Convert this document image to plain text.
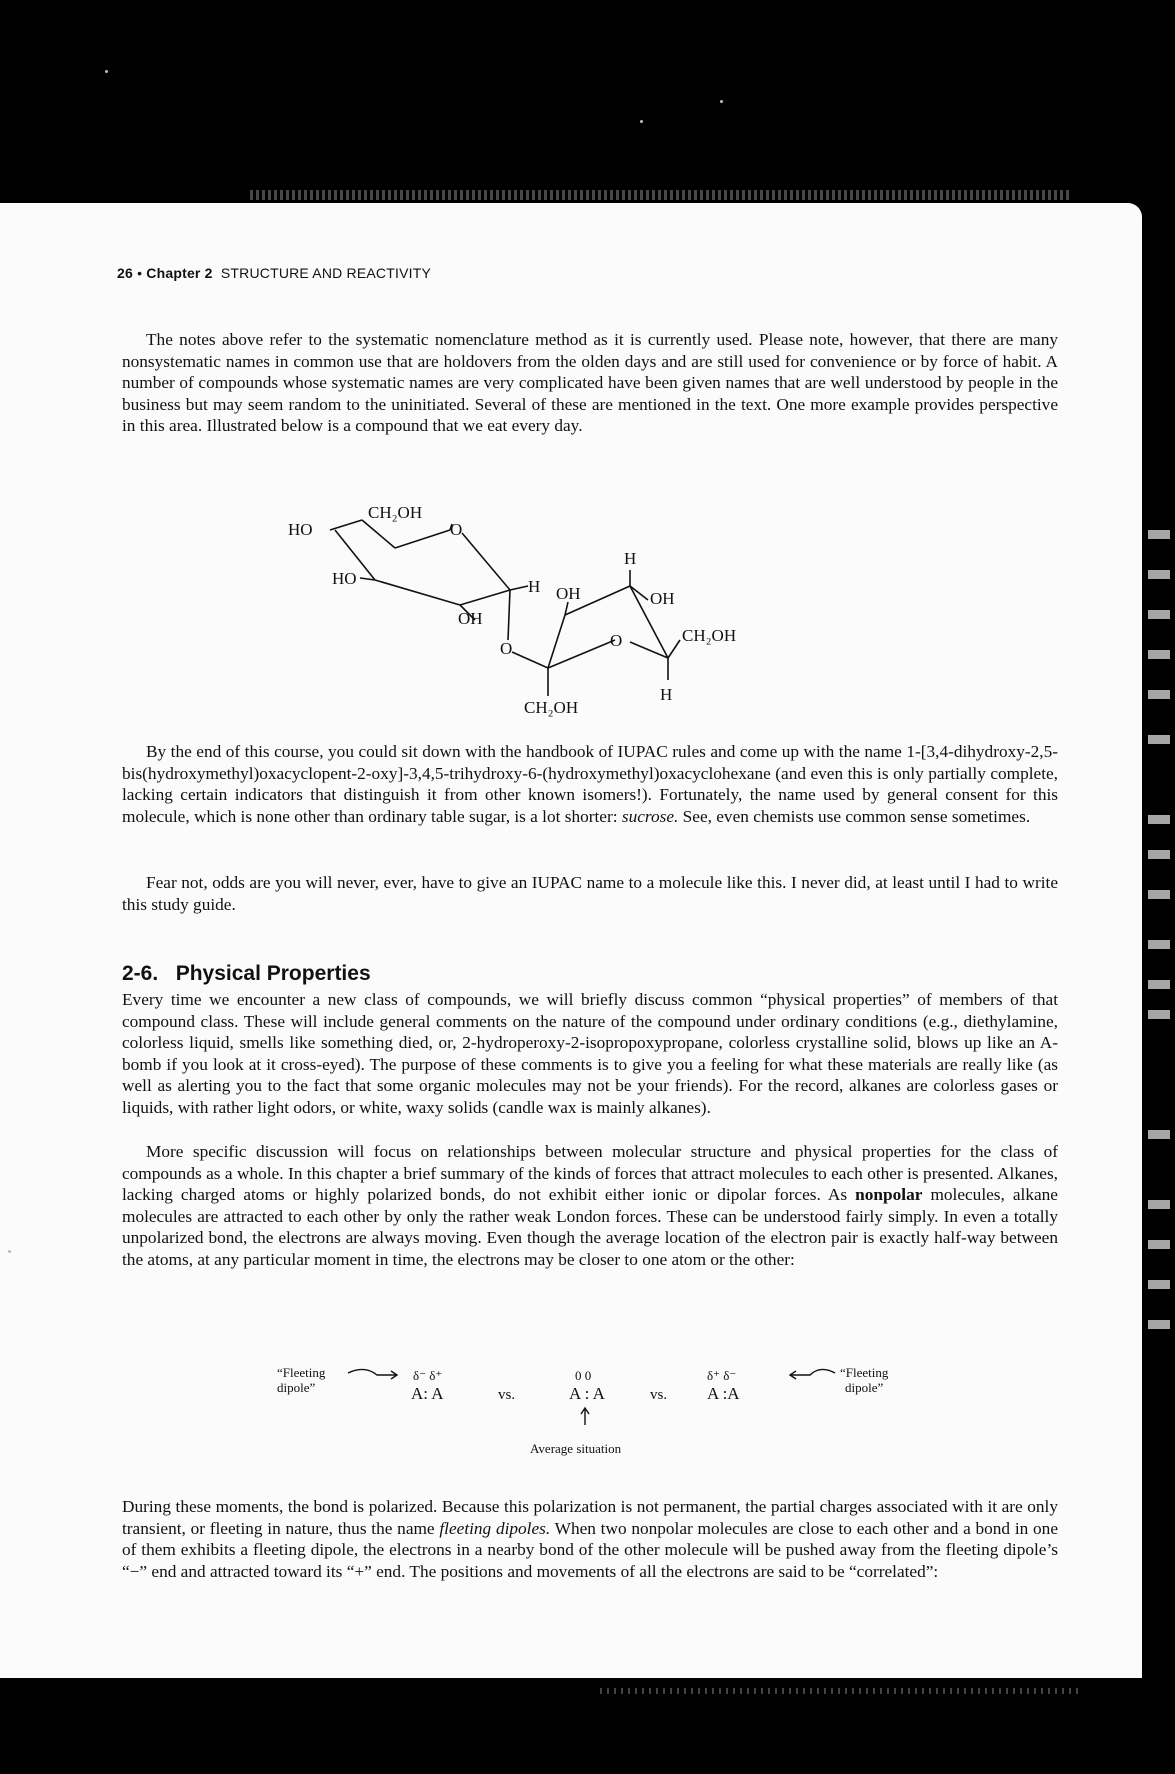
26 • Chapter 2 STRUCTURE AND REACTIVITY
The notes above refer to the systematic nomenclature method as it is currently used. Please note, however, that there are many nonsystematic names in common use that are holdovers from the olden days and are still used for convenience or by force of habit. A number of compounds whose systematic names are very complicated have been given names that are well understood by people in the business but may seem random to the uninitiated. Several of these are mentioned in the text. One more example provides perspective in this area. Illustrated below is a compound that we eat every day.
HO
CH₂OH
O
HO
OH
H
O
H
OH	OH
O	CH₂OH
CH₂OH
H
By the end of this course, you could sit down with the handbook of IUPAC rules and come up with the name 1-[3,4-dihydroxy-2,5-bis(hydroxymethyl)oxacyclopent-2-oxy]-3,4,5-trihydroxy-6-(hydroxymethyl)oxacyclohexane (and even this is only partially complete, lacking certain indicators that distinguish it from other known isomers!). Fortunately, the name used by general consent for this molecule, which is none other than ordinary table sugar, is a lot shorter: sucrose. See, even chemists use common sense sometimes.
Fear not, odds are you will never, ever, have to give an IUPAC name to a molecule like this. I never did, at least until I had to write this study guide.
2-6. Physical Properties
Every time we encounter a new class of compounds, we will briefly discuss common “physical properties” of members of that compound class. These will include general comments on the nature of the compound under ordinary conditions (e.g., diethylamine, colorless liquid, smells like something died, or, 2-hydroperoxy-2-isopropoxypropane, colorless crystalline solid, blows up like an A-bomb if you look at it cross-eyed). The purpose of these comments is to give you a feeling for what these materials are really like (as well as alerting you to the fact that some organic molecules may not be your friends). For the record, alkanes are colorless gases or liquids, with rather light odors, or white, waxy solids (candle wax is mainly alkanes).
More specific discussion will focus on relationships between molecular structure and physical properties for the class of compounds as a whole. In this chapter a brief summary of the kinds of forces that attract molecules to each other is presented. Alkanes, lacking charged atoms or highly polarized bonds, do not exhibit either ionic or dipolar forces. As nonpolar molecules, alkane molecules are attracted to each other by only the rather weak London forces. These can be understood fairly simply. In even a totally unpolarized bond, the electrons are always moving. Even though the average location of the electron pair is exactly half-way between the atoms, at any particular moment in time, the electrons may be closer to one atom or the other:
“Fleeting
dipole”
δ⁻ δ⁺
A: A	vs.
0 0
A : A
Average situation
vs.
δ⁺ δ⁻
A :A
“Fleeting
dipole”
During these moments, the bond is polarized. Because this polarization is not permanent, the partial charges associated with it are only transient, or fleeting in nature, thus the name fleeting dipoles. When two nonpolar molecules are close to each other and a bond in one of them exhibits a fleeting dipole, the electrons in a nearby bond of the other molecule will be pushed away from the fleeting dipole’s “−” end and attracted toward its “+” end. The positions and movements of all the electrons are said to be “correlated”:
